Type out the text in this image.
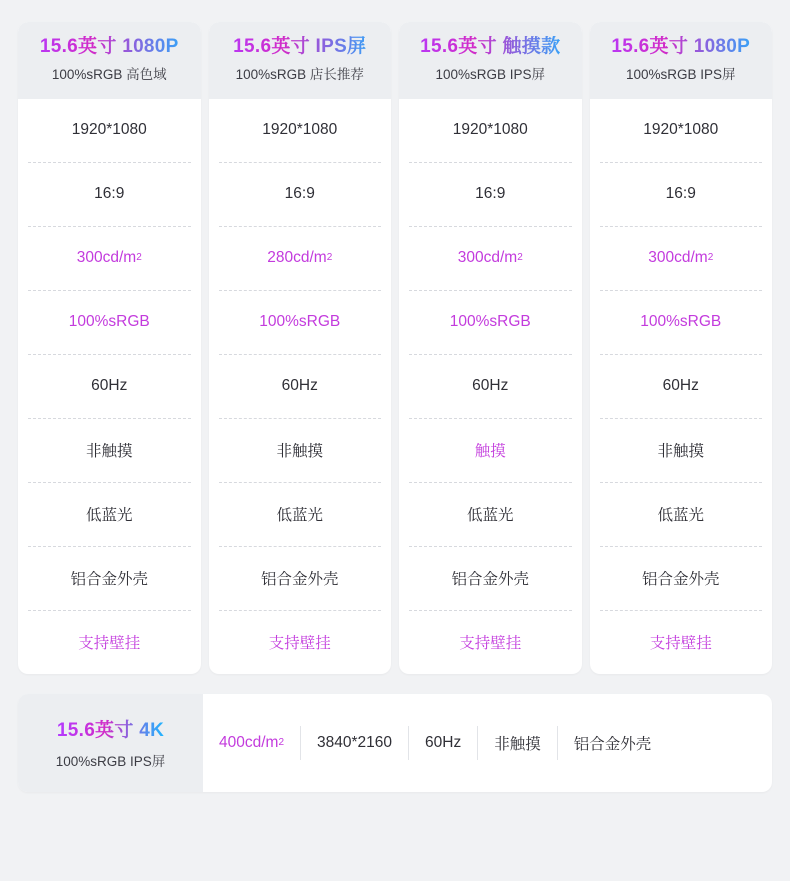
15.6英寸 1080P
100%sRGB 高色域
1920*1080
16:9
300cd/m 2
100%sRGB
60Hz
非触摸
低蓝光
铝合金外壳
支持壁挂
15.6英寸 IPS屏
100%sRGB 店长推荐
1920*1080
16:9
280cd/m 2
100%sRGB
60Hz
非触摸
低蓝光
铝合金外壳
支持壁挂
15.6英寸 触摸款
100%sRGB IPS屏
1920*1080
16:9
300cd/m 2
100%sRGB
60Hz
触摸
低蓝光
铝合金外壳
支持壁挂
15.6英寸 1080P
100%sRGB IPS屏
1920*1080
16:9
300cd/m 2
100%sRGB
60Hz
非触摸
低蓝光
铝合金外壳
支持壁挂
15.6英寸 4K
100%sRGB IPS屏
400cd/m 2 3840*2160 60Hz 非触摸 铝合金外壳
